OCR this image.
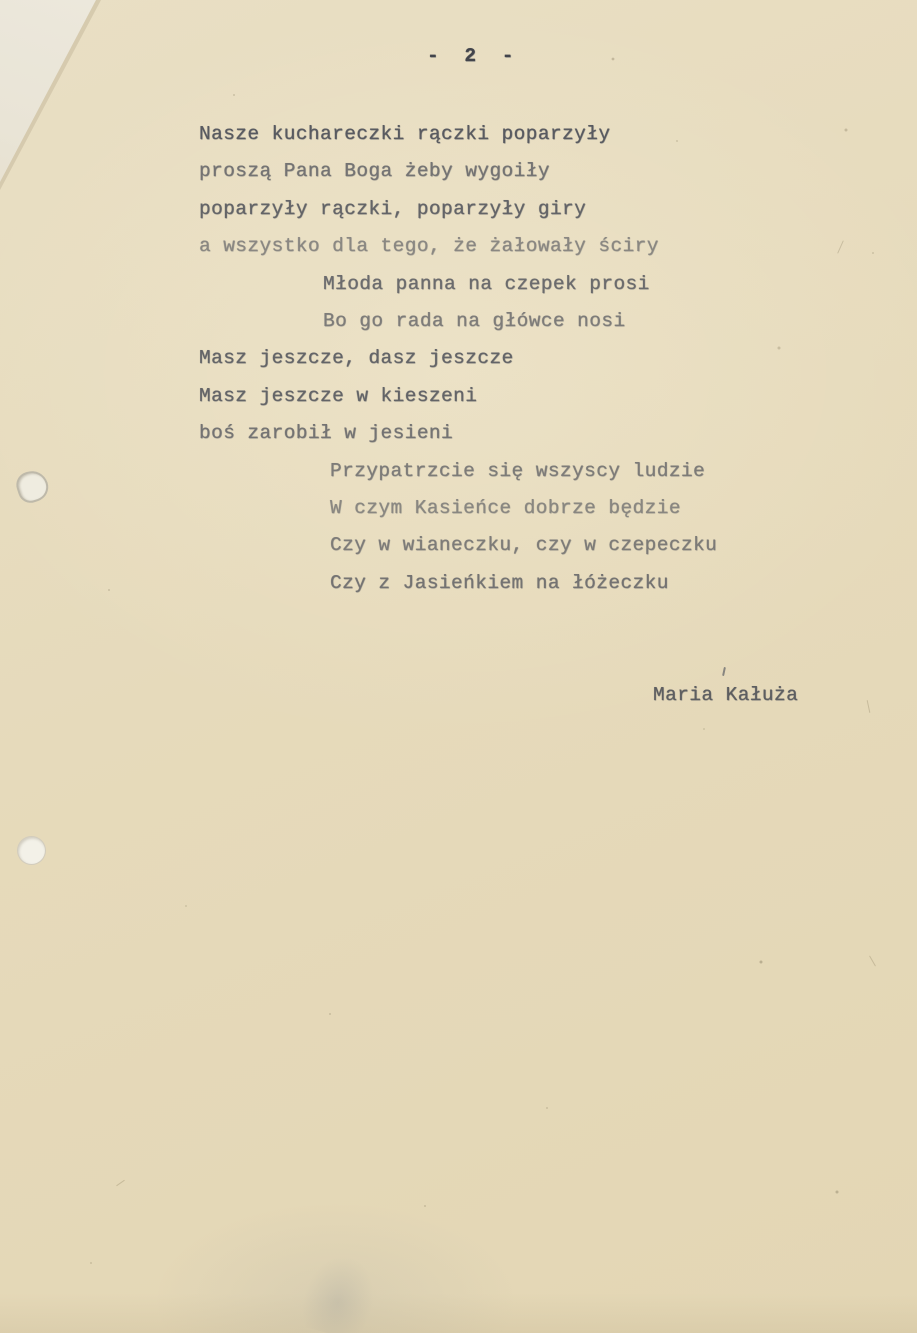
- 2 -
Nasze kuchareczki rączki poparzyły
proszą Pana Boga żeby wygoiły
poparzyły rączki, poparzyły giry
a wszystko dla tego, że żałowały ściry
Młoda panna na czepek prosi
Bo go rada na główce nosi
Masz jeszcze, dasz jeszcze
Masz jeszcze w kieszeni
boś zarobił w jesieni
Przypatrzcie się wszyscy ludzie
W czym Kasieńce dobrze będzie
Czy w wianeczku, czy w czepeczku
Czy z Jasieńkiem na łóżeczku
Maria Kałuża
